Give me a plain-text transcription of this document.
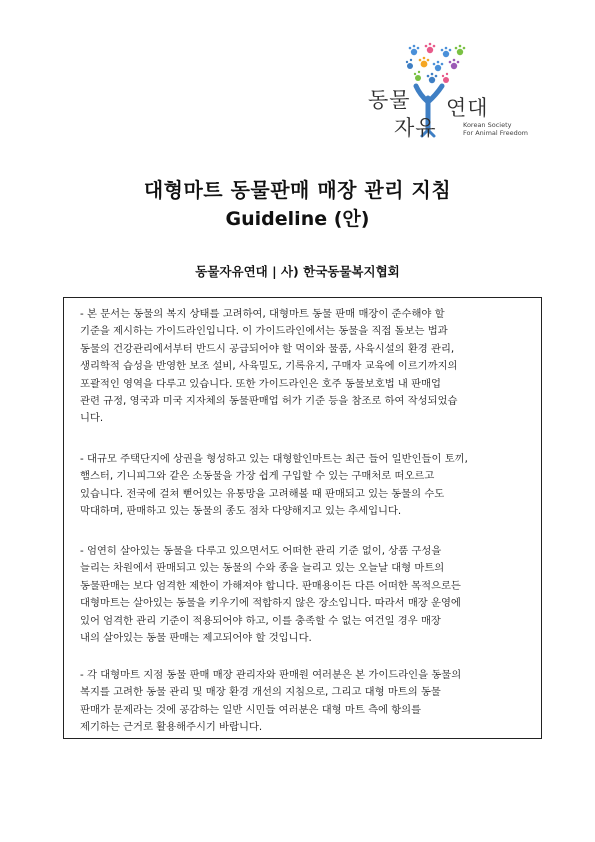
동물
자유
연대
Korean Society
For Animal Freedom
대형마트 동물판매 매장 관리 지침
Guideline (안)
동물자유연대 | 사) 한국동물복지협회
- 본 문서는 동물의 복지 상태를 고려하여, 대형마트 동물 판매 매장이 준수해야 할
기준을 제시하는 가이드라인입니다. 이 가이드라인에서는 동물을 직접 돌보는 법과
동물의 건강관리에서부터 반드시 공급되어야 할 먹이와 물품, 사육시설의 환경 관리,
생리학적 습성을 반영한 보조 설비, 사육밀도, 기록유지, 구매자 교육에 이르기까지의
포괄적인 영역을 다루고 있습니다. 또한 가이드라인은 호주 동물보호법 내 판매업
관련 규정, 영국과 미국 지자체의 동물판매업 허가 기준 등을 참조로 하여 작성되었습
니다.
- 대규모 주택단지에 상권을 형성하고 있는 대형할인마트는 최근 들어 일반인들이 토끼,
햄스터, 기니피그와 같은 소동물을 가장 쉽게 구입할 수 있는 구매처로 떠오르고
있습니다. 전국에 걸쳐 뻗어있는 유통망을 고려해볼 때 판매되고 있는 동물의 수도
막대하며, 판매하고 있는 동물의 종도 점차 다양해지고 있는 추세입니다.
- 엄연히 살아있는 동물을 다루고 있으면서도 어떠한 관리 기준 없이, 상품 구성을
늘리는 차원에서 판매되고 있는 동물의 수와 종을 늘리고 있는 오늘날 대형 마트의
동물판매는 보다 엄격한 제한이 가해져야 합니다. 판매용이든 다른 어떠한 목적으로든
대형마트는 살아있는 동물을 키우기에 적합하지 않은 장소입니다. 따라서 매장 운영에
있어 엄격한 관리 기준이 적용되어야 하고, 이를 충족할 수 없는 여건일 경우 매장
내의 살아있는 동물 판매는 제고되어야 할 것입니다.
- 각 대형마트 지점 동물 판매 매장 관리자와 판매원 여러분은 본 가이드라인을 동물의
복지를 고려한 동물 관리 및 매장 환경 개선의 지침으로, 그리고 대형 마트의 동물
판매가 문제라는 것에 공감하는 일반 시민들 여러분은 대형 마트 측에 항의를
제기하는 근거로 활용해주시기 바랍니다.
